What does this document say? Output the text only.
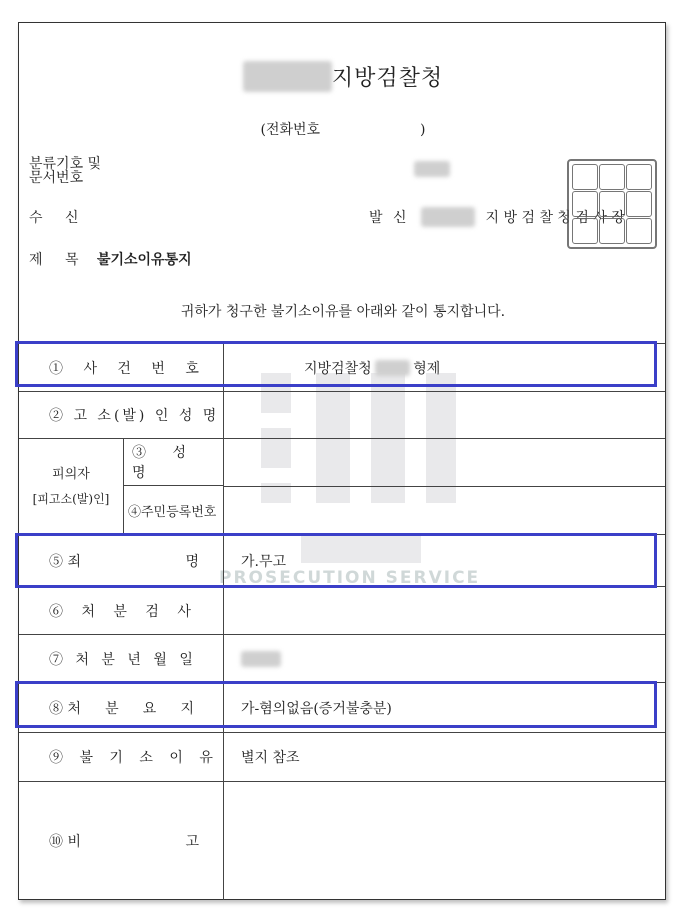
지방검찰청
(전화번호	)
분류기호 및
문서번호
수 신	발 신	지 방 검 찰 청 검 사 장
제 목 불기소이유통지
귀하가 청구한 불기소이유를 아래와 같이 통지합니다.
PROSECUTION SERVICE
① 사 건 번 호	지방검찰청	형제
② 고 소(발) 인 성 명
피의자
[피고소(발)인]
③ 성 명
④주민등록번호
⑤ 죄	명	가.무고
⑥ 처 분 검 사
⑦ 처 분 년 월 일
⑧ 처 분 요 지	가-혐의없음(증거불충분)
⑨ 불 기 소 이 유 별지 참조
⑩ 비	고
